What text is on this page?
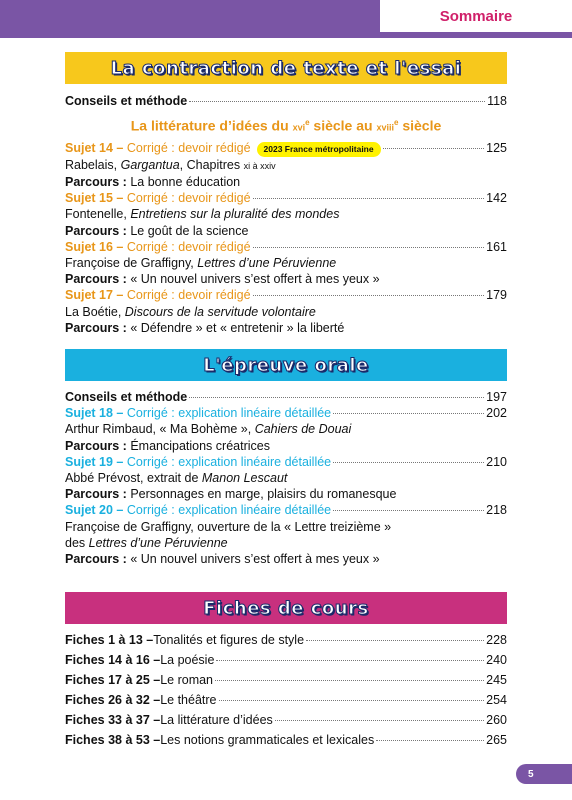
Sommaire
La contraction de texte et l'essai
Conseils et méthode	118
La littérature d’idées du xvi$^e$ siècle au xviii$^e$ siècle
Sujet 14 – Corrigé : devoir rédigé	2023 France métropolitaine	125
Rabelais, Gargantua, Chapitres xi à xxiv
Parcours : La bonne éducation
Sujet 15 – Corrigé : devoir rédigé	142
Fontenelle, Entretiens sur la pluralité des mondes
Parcours : Le goût de la science
Sujet 16 – Corrigé : devoir rédigé	161
Françoise de Graffigny, Lettres d’une Péruvienne
Parcours : « Un nouvel univers s’est offert à mes yeux »
Sujet 17 – Corrigé : devoir rédigé	179
La Boétie, Discours de la servitude volontaire
Parcours : « Défendre » et « entretenir » la liberté
L'épreuve orale
Conseils et méthode	197
Sujet 18 – Corrigé : explication linéaire détaillée	202
Arthur Rimbaud, « Ma Bohème », Cahiers de Douai
Parcours : Émancipations créatrices
Sujet 19 – Corrigé : explication linéaire détaillée	210
Abbé Prévost, extrait de Manon Lescaut
Parcours : Personnages en marge, plaisirs du romanesque
Sujet 20 – Corrigé : explication linéaire détaillée	218
Françoise de Graffigny, ouverture de la « Lettre treizième »
des Lettres d’une Péruvienne
Parcours : « Un nouvel univers s’est offert à mes yeux »
Fiches de cours
Fiches 1 à 13 – Tonalités et figures de style	228
Fiches 14 à 16 – La poésie	240
Fiches 17 à 25 – Le roman	245
Fiches 26 à 32 – Le théâtre	254
Fiches 33 à 37 – La littérature d’idées	260
Fiches 38 à 53 – Les notions grammaticales et lexicales	265
5
